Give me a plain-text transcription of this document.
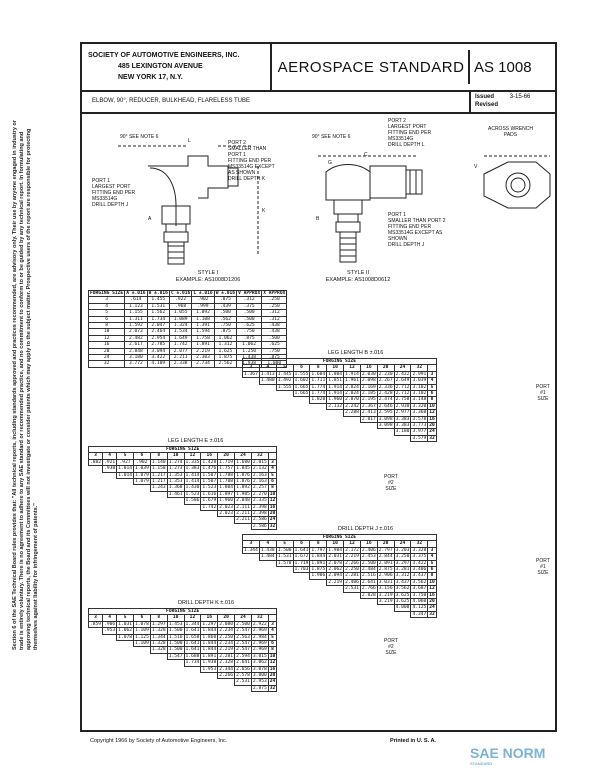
Section 6 of the SAE Technical Board rules provides that: "All technical reports, including standards approved and practices recommended, are advisory only. Their use by anyone engaged in industry or trade is entirely voluntary. There is no agreement to adhere to any SAE standard or recommended practice, and no commitment to conform to or be guided by any technical report. In formulating and approving technical reports, the Board and its Committees will not investigate or consider patents which may apply to the subject matter. Prospective users of the report are responsible for protecting themselves against liability for infringement of patents."
SOCIETY OF AUTOMOTIVE ENGINEERS, INC.
485 LEXINGTON AVENUE
NEW YORK 17, N.Y.
AEROSPACE STANDARD AS 1008
ELBOW, 90°, REDUCER, BULKHEAD, FLARELESS TUBE
Issued	3-15-66
Revised
90° SEE NOTE 6
PORT 2
SMALLER THAN
PORT 1
FITTING END PER
MS33514G EXCEPT
AS SHOWN
DRILL DEPTH K
PORT 1
LARGEST PORT
FITTING END PER
MS33514G
DRILL DEPTH J
90° SEE NOTE 6
PORT 2
LARGEST PORT
FITTING END PER
MS33514G
DRILL DEPTH L
PORT 1
SMALLER THAN PORT 2
FITTING END PER
MS33514G EXCEPT AS
SHOWN
DRILL DEPTH J
ACROSS WRENCH
PADS
L
V
K
A	B
C
G
STYLE I
EXAMPLE: AS1008D1206
STYLE II
EXAMPLE: AS1008D0612
FORGING SIZE	A ±.016	B ±.016	C ±.016	L ±.016	W ±.016	V APPROX	X APPROX
3	.614	1.455	.922	.902	.075	.312	.250
4	1.123	1.531	.968	.999	.439	.375	.250
5	1.155	1.562	1.055	1.092	.500	.500	.312
6	1.311	1.734	1.089	1.108	.562	.500	.312
8	1.592	2.047	1.324	1.391	.750	.625	.438
10	2.073	2.464	1.534	1.594	.875	.750	.438
12	2.482	2.954	1.649	1.758	1.062	.875	.500
16	2.617	2.785	1.742	1.891	1.312	1.062	.625
20	2.848	3.094	2.077	2.219	1.625	1.250	.750
24	3.180	3.422	2.211	2.303	1.875	1.438	.875
32	3.772	4.109	2.338	2.734	2.562	1.938	1.000
LEG LENGTH B ±.016
FORGING SIZE											
3	4	5	6	8	10	12	16	20	24	32	
1.367	1.413	1.445	1.555	1.604	1.804	1.914	2.030	2.230	2.422	2.991	3
	1.480	1.492	1.602	1.711	1.851	1.961	2.098	2.267	2.649	3.039	4
		1.555	1.665	1.774	1.914	2.024	2.169	2.336	2.712	3.102	5
			1.665	1.774	1.914	2.024	2.185	2.428	2.712	3.102	6
				1.820	1.960	2.070	2.195	2.474	2.758	3.148	8
					2.132	2.242	2.367	2.646	2.930	3.320	10
						2.288	2.413	2.595	2.977	3.368	12
							2.817	3.098	3.383	3.578	16
								3.098	3.383	3.773	20
									3.180	3.977	24
										3.579	32
PORT
#1
SIZE
LEG LENGTH E ±.016
FORGING SIZE											
3	4	5	6	8	10	12	16	20	24	32	
.882	.921	.927	.902	1.140	1.274	1.335	1.428	1.719	1.680	2.015	3
	.938	1.014	1.039	1.158	1.273	1.383	1.476	1.757	1.845	2.132	4
		1.014	1.079	1.217	1.353	1.414	1.507	1.788	1.876	2.163	5
			1.079	1.217	1.353	1.414	1.507	1.788	1.876	2.163	6
				1.243	1.368	1.430	1.523	1.804	1.892	2.257	8
					1.461	1.523	1.616	1.897	1.985	2.270	10
						1.586	1.679	1.960	2.048	2.335	12
							1.742	2.023	2.111	2.398	16
								2.023	2.211	2.398	20
									2.211	2.586	24
										2.586	32
PORT
#2
SIZE
DRILL DEPTH J ±.016
FORGING SIZE											
3	4	5	6	8	10	12	16	20	24	32	
1.344	1.438	1.500	1.641	1.797	1.984	2.172	2.406	2.797	3.203	3.328	3
	1.484	1.531	1.672	1.844	2.031	2.219	2.453	2.844	3.250	3.375	4
		1.578	1.719	1.891	2.078	2.266	2.500	2.891	3.297	3.422	5
			1.703	1.875	2.062	2.250	2.484	2.875	3.281	3.406	6
				1.906	2.094	2.281	2.516	2.906	3.312	3.437	8
					2.219	2.406	2.641	3.031	3.437	3.562	10
						2.531	2.766	3.156	3.562	3.687	12
							2.828	3.219	3.625	3.750	16
								3.219	3.625	4.060	20
									4.000	4.125	24
										4.347	32
PORT
#1
SIZE
DRILL DEPTH K ±.016
FORGING SIZE											
3	4	5	6	8	10	12	16	20	24	32	
.859	.906	1.031	1.078	1.297	1.453	1.344	1.297	2.080	2.500	2.922	3
	.953	1.062	1.109	1.328	1.500	1.641	1.844	2.234	2.547	2.969	4
		1.078	1.125	1.344	1.516	1.658	1.860	2.250	2.563	2.984	5
			1.109	1.328	1.500	1.641	1.844	2.234	2.547	2.969	6
				1.328	1.500	1.641	1.844	2.219	2.547	2.969	8
					1.547	1.688	1.891	2.281	2.594	3.015	10
						1.734	1.938	2.328	2.641	3.062	12
							1.953	2.344	2.656	3.078	16
								2.266	2.578	3.000	20
									2.531	2.953	24
										2.875	32
PORT
#2
SIZE
Copyright 1966 by Society of Automotive Engineers, Inc.	Printed in U. S. A.
SAE NORM
STANDARD
